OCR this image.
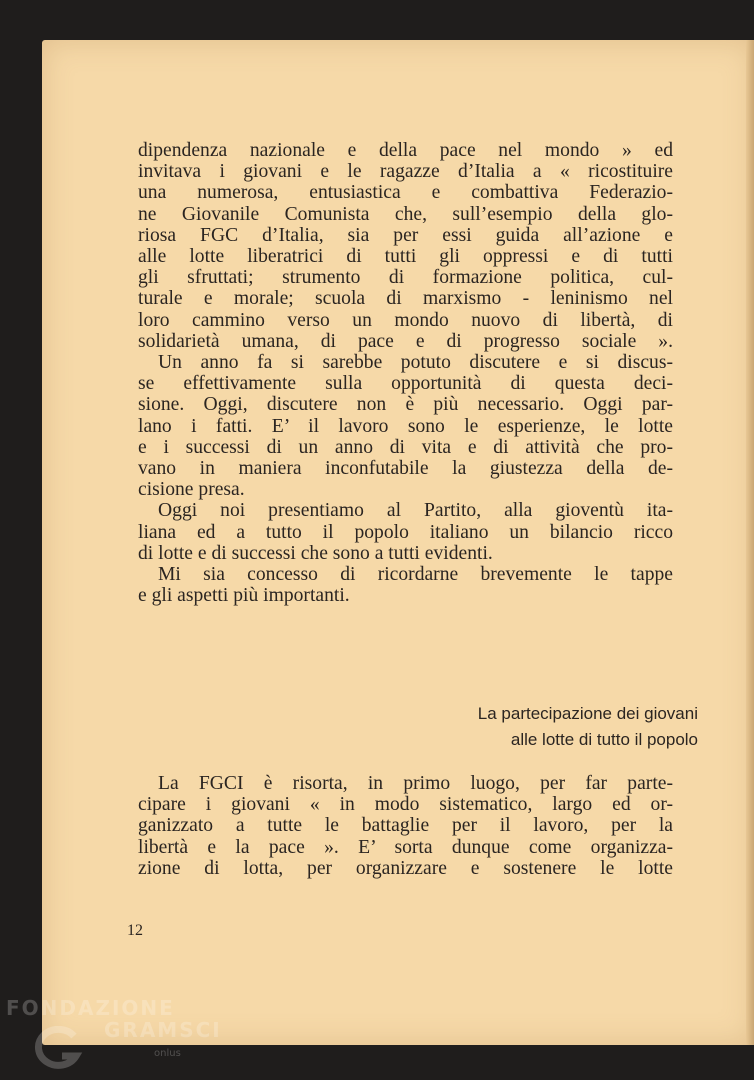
dipendenza nazionale e della pace nel mondo » ed
invitava i giovani e le ragazze d’Italia a « ricostituire
una numerosa, entusiastica e combattiva Federazio-
ne Giovanile Comunista che, sull’esempio della glo-
riosa FGC d’Italia, sia per essi guida all’azione e
alle lotte liberatrici di tutti gli oppressi e di tutti
gli sfruttati; strumento di formazione politica, cul-
turale e morale; scuola di marxismo - leninismo nel
loro cammino verso un mondo nuovo di libertà, di
solidarietà umana, di pace e di progresso sociale ».
Un anno fa si sarebbe potuto discutere e si discus-
se effettivamente sulla opportunità di questa deci-
sione. Oggi, discutere non è più necessario. Oggi par-
lano i fatti. E’ il lavoro sono le esperienze, le lotte
e i successi di un anno di vita e di attività che pro-
vano in maniera inconfutabile la giustezza della de-
cisione presa.
Oggi noi presentiamo al Partito, alla gioventù ita-
liana ed a tutto il popolo italiano un bilancio ricco
di lotte e di successi che sono a tutti evidenti.
Mi sia concesso di ricordarne brevemente le tappe
e gli aspetti più importanti.
La partecipazione dei giovani
alle lotte di tutto il popolo
La FGCI è risorta, in primo luogo, per far parte-
cipare i giovani « in modo sistematico, largo ed or-
ganizzato a tutte le battaglie per il lavoro, per la
libertà e la pace ». E’ sorta dunque come organizza-
zione di lotta, per organizzare e sostenere le lotte
12
FONDAZIONE
GRAMSCI
onlus
